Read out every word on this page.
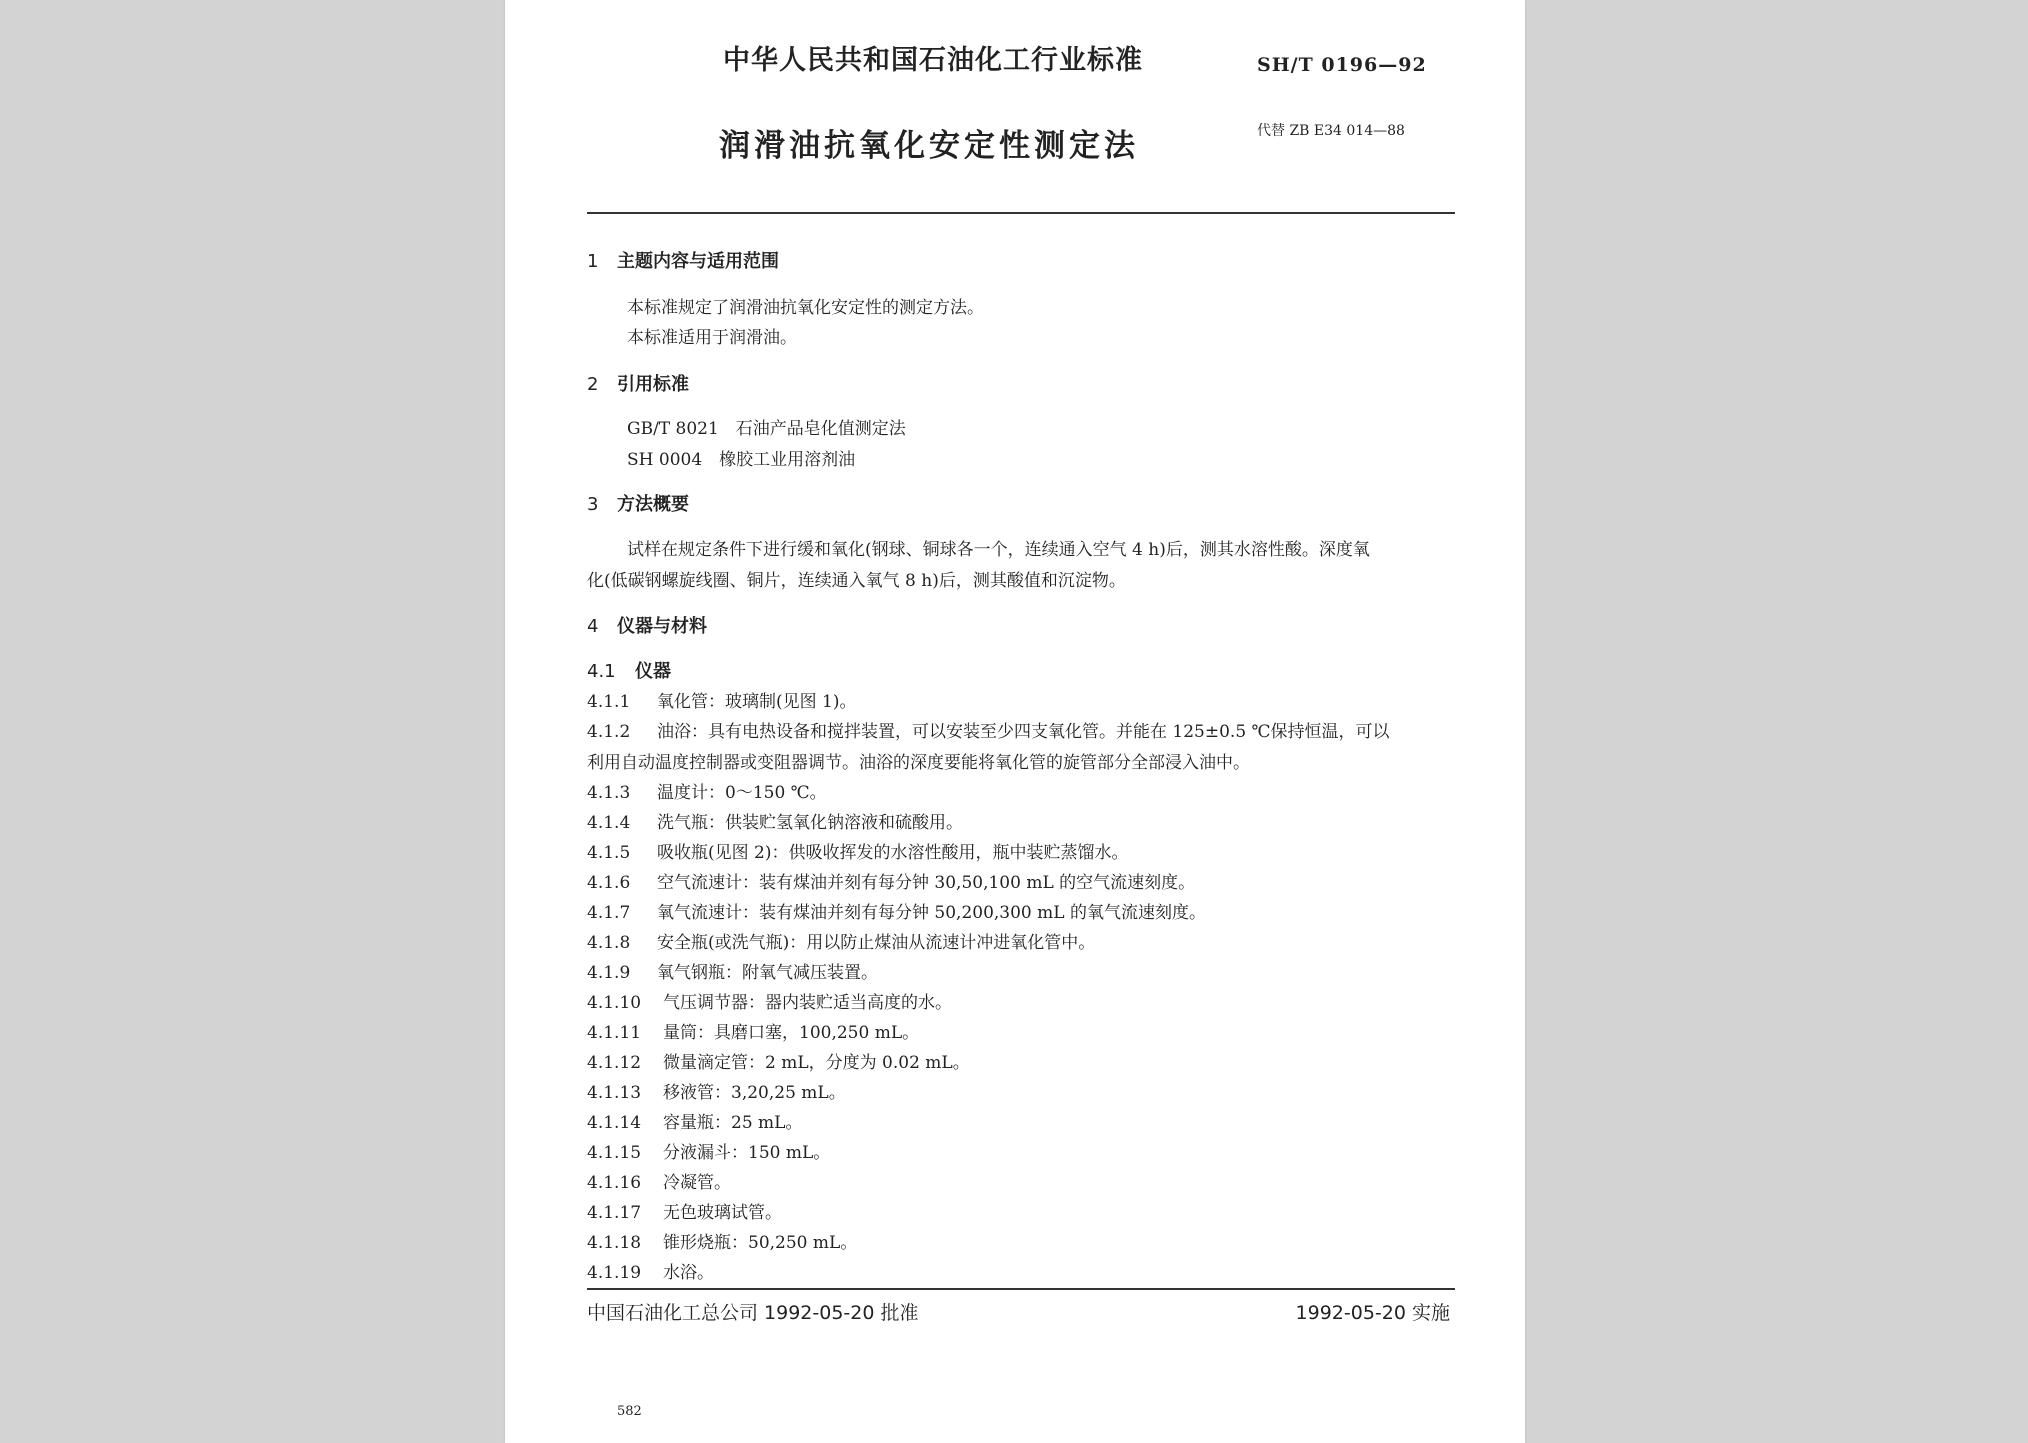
中华人民共和国石油化工行业标准	SH/T 0196—92
润滑油抗氧化安定性测定法	代替 ZB E34 014—88
1 主题内容与适用范围
本标准规定了润滑油抗氧化安定性的测定方法。
本标准适用于润滑油。
2 引用标准
GB/T 8021　石油产品皂化值测定法
SH 0004　橡胶工业用溶剂油
3 方法概要
试样在规定条件下进行缓和氧化(钢球、铜球各一个，连续通入空气 4 h)后，测其水溶性酸。深度氧
化(低碳钢螺旋线圈、铜片，连续通入氧气 8 h)后，测其酸值和沉淀物。
4 仪器与材料
4.1 仪器
4.1.1 氧化管：玻璃制(见图 1)。
4.1.2 油浴：具有电热设备和搅拌装置，可以安装至少四支氧化管。并能在 125±0.5 ℃保持恒温，可以
利用自动温度控制器或变阻器调节。油浴的深度要能将氧化管的旋管部分全部浸入油中。
4.1.3 温度计：0～150 ℃。
4.1.4 洗气瓶：供装贮氢氧化钠溶液和硫酸用。
4.1.5 吸收瓶(见图 2)：供吸收挥发的水溶性酸用，瓶中装贮蒸馏水。
4.1.6 空气流速计：装有煤油并刻有每分钟 30,50,100 mL 的空气流速刻度。
4.1.7 氧气流速计：装有煤油并刻有每分钟 50,200,300 mL 的氧气流速刻度。
4.1.8 安全瓶(或洗气瓶)：用以防止煤油从流速计冲进氧化管中。
4.1.9 氧气钢瓶：附氧气减压装置。
4.1.10 气压调节器：器内装贮适当高度的水。
4.1.11 量筒：具磨口塞，100,250 mL。
4.1.12 微量滴定管：2 mL，分度为 0.02 mL。
4.1.13 移液管：3,20,25 mL。
4.1.14 容量瓶：25 mL。
4.1.15 分液漏斗：150 mL。
4.1.16 冷凝管。
4.1.17 无色玻璃试管。
4.1.18 锥形烧瓶：50,250 mL。
4.1.19 水浴。
中国石油化工总公司 1992-05-20 批准	1992-05-20 实施
582
